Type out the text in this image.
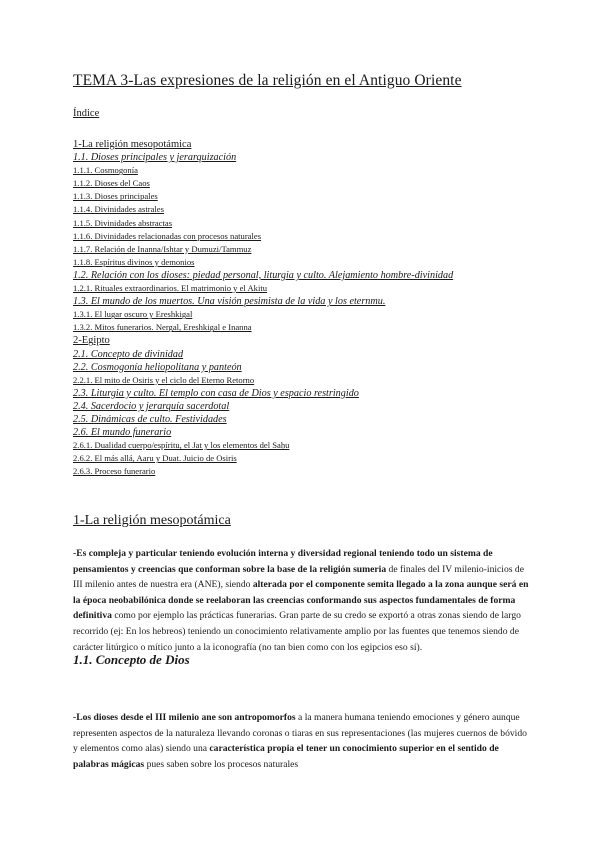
TEMA 3-Las expresiones de la religión en el Antiguo Oriente
Índice
1-La religión mesopotámica
1.1. Dioses principales y jerarquización
1.1.1. Cosmogonía
1.1.2. Dioses del Caos
1.1.3. Dioses principales
1.1.4. Divinidades astrales
1.1.5. Divinidades abstractas
1.1.6. Divinidades relacionadas con procesos naturales
1.1.7. Relación de Inanna/Ishtar y Dumuzi/Tammuz
1.1.8. Espíritus divinos y demonios
1.2. Relación con los dioses: piedad personal, liturgia y culto. Alejamiento hombre-divinidad
1.2.1. Rituales extraordinarios. El matrimonio y el Akitu
1.3. El mundo de los muertos. Una visión pesimista de la vida y los eternmu.
1.3.1. El lugar oscuro y Ereshkigal
1.3.2. Mitos funerarios. Nergal, Ereshkigal e Inanna
2-Egipto
2.1. Concepto de divinidad
2.2. Cosmogonía heliopolitana y panteón
2.2.1. El mito de Osiris y el ciclo del Eterno Retorno
2.3. Liturgia y culto. El templo con casa de Dios y espacio restringido
2.4. Sacerdocio y jerarquía sacerdotal
2.5. Dinámicas de culto. Festividades
2.6. El mundo funerario
2.6.1. Dualidad cuerpo/espíritu, el Jat y los elementos del Saḥu
2.6.2. El más allá, Aaru y Duat. Juicio de Osiris
2.6.3. Proceso funerario
1-La religión mesopotámica
-Es compleja y particular teniendo evolución interna y diversidad regional teniendo todo un sistema de pensamientos y creencias que conforman sobre la base de la religión sumeria de finales del IV milenio-inicios de III milenio antes de nuestra era (ANE), siendo alterada por el componente semita llegado a la zona aunque será en la época neobabilónica donde se reelaboran las creencias conformando sus aspectos fundamentales de forma definitiva como por ejemplo las prácticas funerarias. Gran parte de su credo se exportó a otras zonas siendo de largo recorrido (ej: En los hebreos) teniendo un conocimiento relativamente amplio por las fuentes que tenemos siendo de carácter litúrgico o mítico junto a la iconografía (no tan bien como con los egipcios eso sí).
1.1. Concepto de Dios
-Los dioses desde el III milenio ane son antropomorfos a la manera humana teniendo emociones y género aunque representen aspectos de la naturaleza llevando coronas o tiaras en sus representaciones (las mujeres cuernos de bóvido y elementos como alas) siendo una característica propia el tener un conocimiento superior en el sentido de palabras mágicas pues saben sobre los procesos naturales
